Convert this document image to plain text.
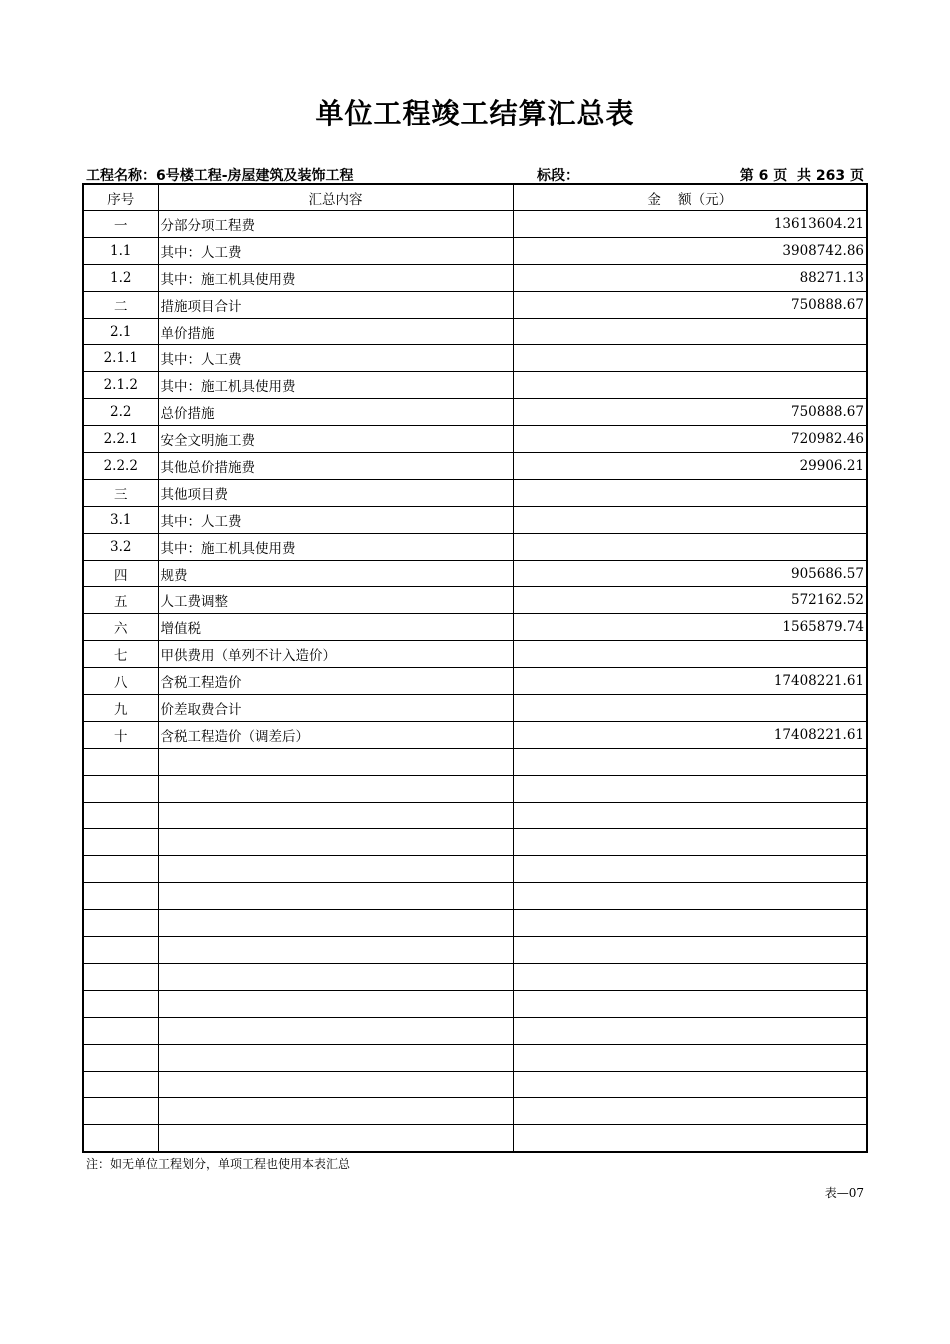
单位工程竣工结算汇总表
工程名称：6号楼工程-房屋建筑及装饰工程	标段：	第 6 页  共 263 页
序号	汇总内容	金    额（元）
一	分部分项工程费	13613604.21
1.1	其中：人工费	3908742.86
1.2	其中：施工机具使用费	88271.13
二	措施项目合计	750888.67
2.1	单价措施	
2.1.1	其中：人工费	
2.1.2	其中：施工机具使用费	
2.2	总价措施	750888.67
2.2.1	安全文明施工费	720982.46
2.2.2	其他总价措施费	29906.21
三	其他项目费	
3.1	其中：人工费	
3.2	其中：施工机具使用费	
四	规费	905686.57
五	人工费调整	572162.52
六	增值税	1565879.74
七	甲供费用（单列不计入造价）	
八	含税工程造价	17408221.61
九	价差取费合计	
十	含税工程造价（调差后）	17408221.61

注：如无单位工程划分，单项工程也使用本表汇总
表—07
